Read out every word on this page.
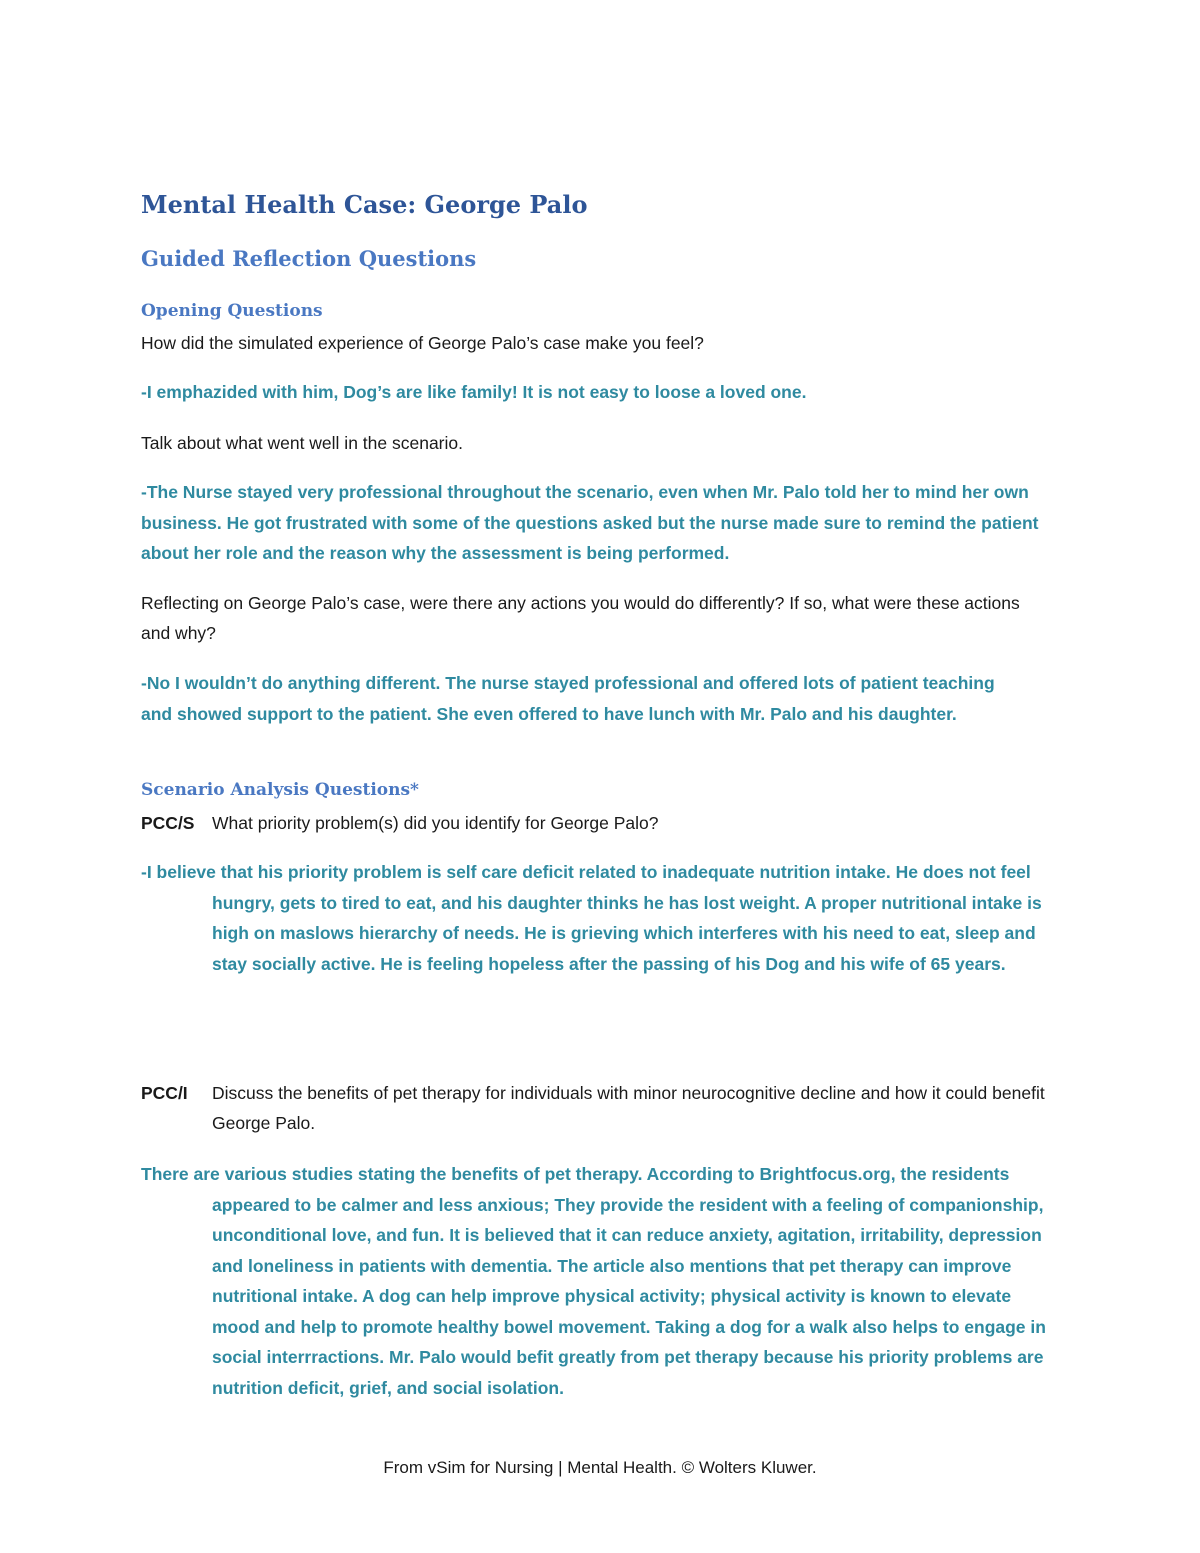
Mental Health Case: George Palo
Guided Reflection Questions
Opening Questions

How did the simulated experience of George Palo’s case make you feel?

-I emphazided with him, Dog’s are like family! It is not easy to loose a loved one.

Talk about what went well in the scenario.

-The Nurse stayed very professional throughout the scenario, even when Mr. Palo told her to mind her own business. He got frustrated with some of the questions asked but the nurse made sure to remind the patient about her role and the reason why the assessment is being performed.

Reflecting on George Palo’s case, were there any actions you would do differently? If so, what were these actions and why?

-No I wouldn’t do anything different. The nurse stayed professional and offered lots of patient teaching and showed support to the patient. She even offered to have lunch with Mr. Palo and his daughter.

Scenario Analysis Questions*
PCC/S	What priority problem(s) did you identify for George Palo?

-I believe that his priority problem is self care deficit related to inadequate nutrition intake. He does not feel hungry, gets to tired to eat, and his daughter thinks he has lost weight. A proper nutritional intake is high on maslows hierarchy of needs. He is grieving which interferes with his need to eat, sleep and stay socially active. He is feeling hopeless after the passing of his Dog and his wife of 65 years.

PCC/I	Discuss the benefits of pet therapy for individuals with minor neurocognitive decline and how it could benefit George Palo.

There are various studies stating the benefits of pet therapy. According to Brightfocus.org, the residents appeared to be calmer and less anxious; They provide the resident with a feeling of companionship, unconditional love, and fun. It is believed that it can reduce anxiety, agitation, irritability, depression and loneliness in patients with dementia. The article also mentions that pet therapy can improve nutritional intake. A dog can help improve physical activity; physical activity is known to elevate mood and help to promote healthy bowel movement. Taking a dog for a walk also helps to engage in social interrractions. Mr. Palo would befit greatly from pet therapy because his priority problems are nutrition deficit, grief, and social isolation.

From vSim for Nursing | Mental Health. © Wolters Kluwer.
